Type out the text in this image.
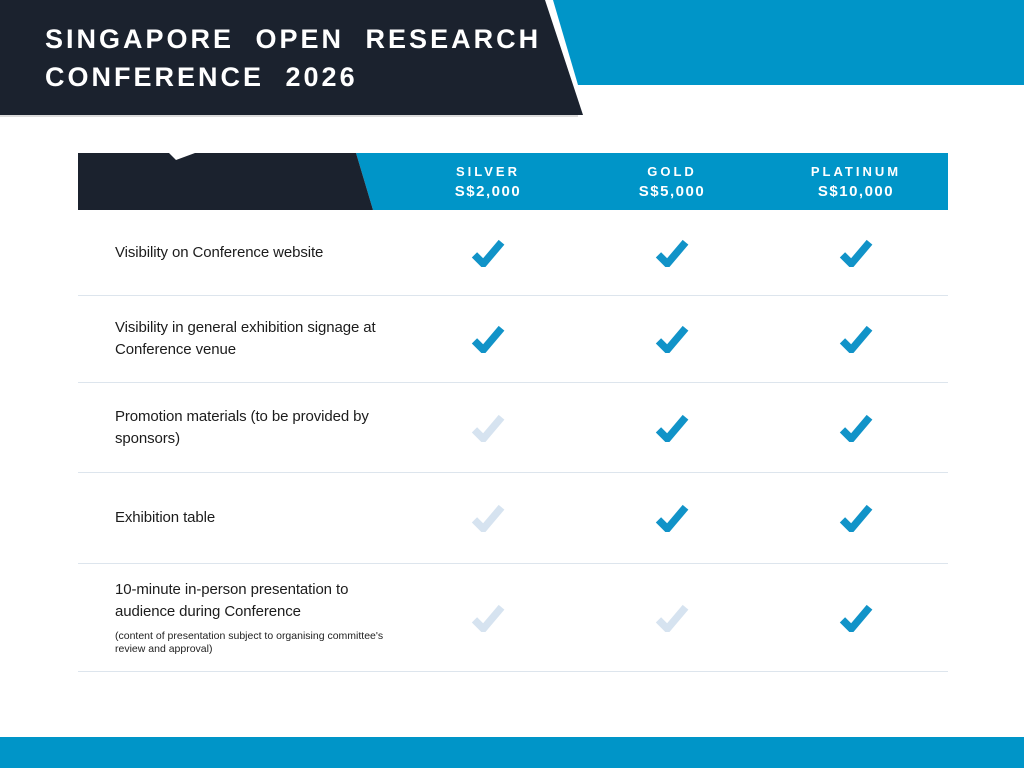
SINGAPORE OPEN RESEARCH
CONFERENCE 2026
SILVER
S$2,000
GOLD
S$5,000
PLATINUM
S$10,000
Visibility on Conference website
Visibility in general exhibition signage at Conference venue
Promotion materials (to be provided by sponsors)
Exhibition table
10-minute in-person presentation to audience during Conference
(content of presentation subject to organising committee's review and approval)
